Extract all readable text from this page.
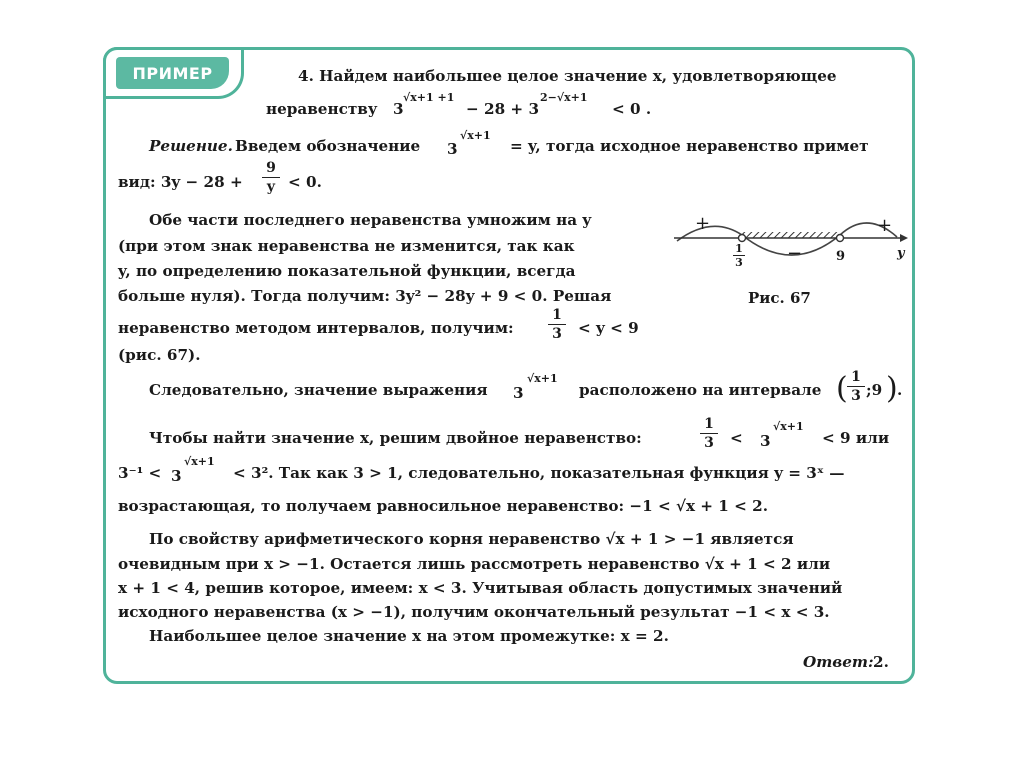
ПРИМЕР	4. Найдем наибольшее целое значение x, удовлетворяющее
неравенству 3
√x+1 +1
− 28 + 3
2−√x+1
< 0 .
Решение. Введем обозначение 3
√x+1
= y, тогда исходное неравенство примет
вид: 3y − 28 +
9
y < 0.
Обе части последнего неравенства умножим на y
(при этом знак неравенства не изменится, так как
y, по определению показательной функции, всегда
больше нуля). Тогда получим: 3y² − 28y + 9 < 0. Решая
неравенство методом интервалов, получим:
1
3 < y < 9
(рис. 67).
+
−
+
1
3	9	y
Рис. 67
Следовательно, значение выражения 3
√x+1
расположено на интервале ( 1
3 ;9 ) .
Чтобы найти значение x, решим двойное неравенство:
1
3 < 3
√x+1
< 9 или
3⁻¹ < 3
√x+1
< 3². Так как 3 > 1, следовательно, показательная функция y = 3ˣ —
возрастающая, то получаем равносильное неравенство: −1 < √x + 1 < 2.
По свойству арифметического корня неравенство √x + 1 > −1 является
очевидным при x > −1. Остается лишь рассмотреть неравенство √x + 1 < 2 или
x + 1 < 4, решив которое, имеем: x < 3. Учитывая область допустимых значений
исходного неравенства (x > −1), получим окончательный результат −1 < x < 3.
Наибольшее целое значение x на этом промежутке: x = 2.
Ответ: 2.
